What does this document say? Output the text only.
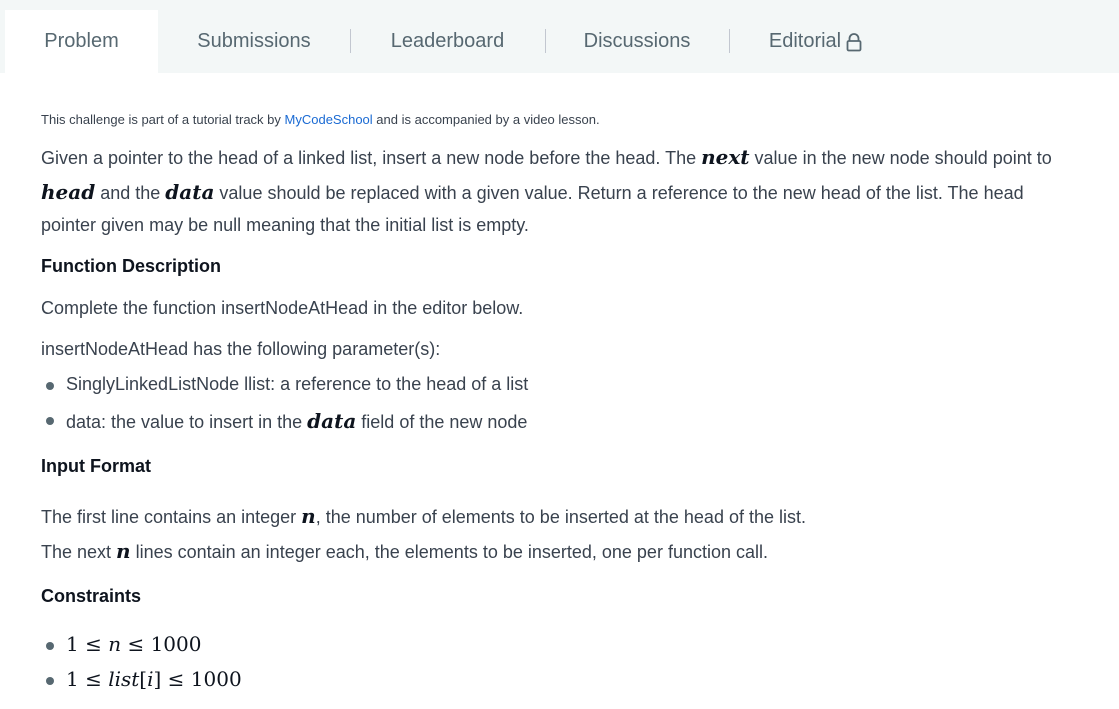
Problem	Submissions	Leaderboard	Discussions	Editorial
This challenge is part of a tutorial track by MyCodeSchool and is accompanied by a video lesson.
Given a pointer to the head of a linked list, insert a new node before the head. The next value in the new node should point to
head and the data value should be replaced with a given value. Return a reference to the new head of the list. The head
pointer given may be null meaning that the initial list is empty.
Function Description
Complete the function insertNodeAtHead in the editor below.
insertNodeAtHead has the following parameter(s):
SinglyLinkedListNode llist: a reference to the head of a list
data: the value to insert in the data field of the new node
Input Format
The first line contains an integer n, the number of elements to be inserted at the head of the list.
The next n lines contain an integer each, the elements to be inserted, one per function call.
Constraints
1 ≤ n ≤ 1000
1 ≤ list[i] ≤ 1000
